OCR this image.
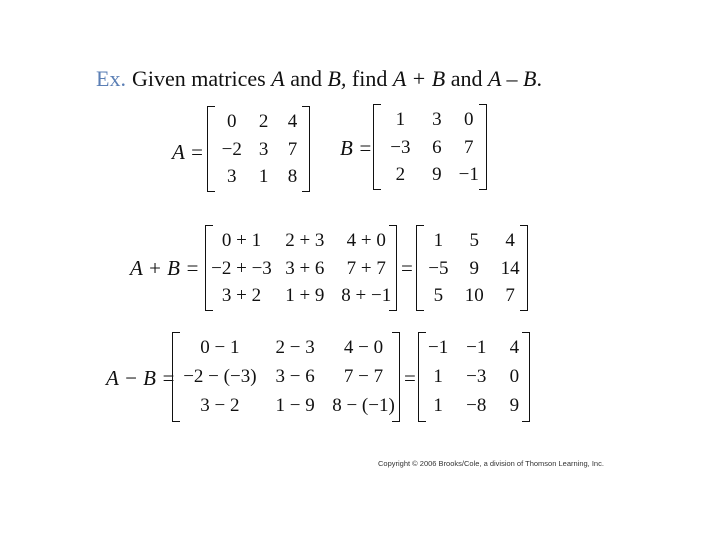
Ex. Given matrices A and B, find A + B and A – B.
A =
0 2 4
−2 3 7
3 1 8
B =
1 3 0
−3 6 7
2 9 −1
A + B =
0 + 1 2 + 3 4 + 0
−2 + −3 3 + 6 7 + 7
3 + 2 1 + 9 8 + −1
=
1 5 4
−5 9 14
5 10 7
A − B =
0 − 1 2 − 3 4 − 0
−2 − (−3) 3 − 6 7 − 7
3 − 2 1 − 9 8 − (−1)
=
−1 −1 4
1 −3 0
1 −8 9
Copyright © 2006 Brooks/Cole, a division of Thomson Learning, Inc.
